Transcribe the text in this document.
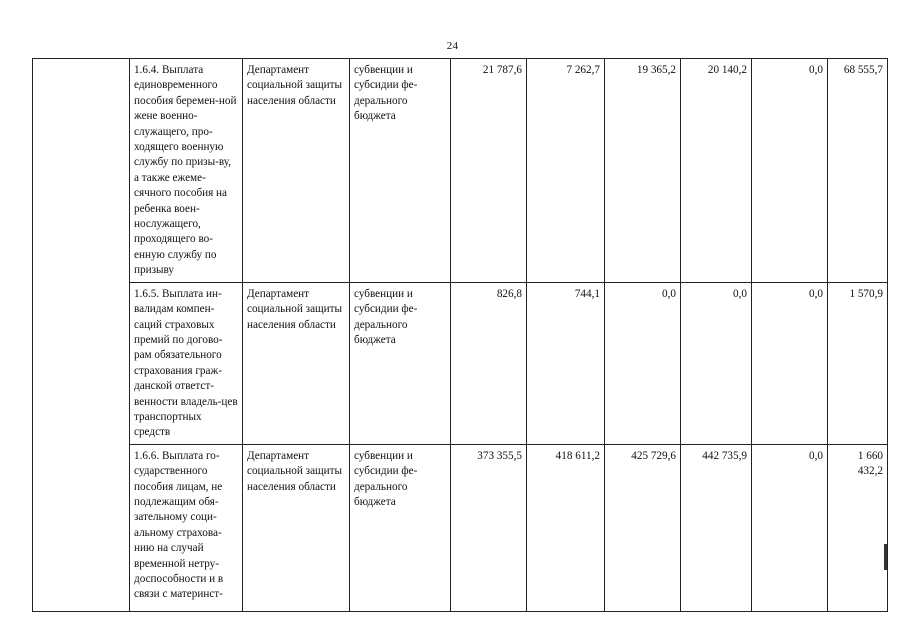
24
	1.6.4. Выплата единовременного пособия беремен-ной жене военно-служащего, про-ходящего военную службу по призы-ву, а также ежеме-сячного пособия на ребенка воен-нослужащего, проходящего во-енную службу по призыву	Департамент социальной защиты населения области	субвенции и субсидии фе-дерального бюджета	21 787,6	7 262,7	19 365,2	20 140,2	0,0	68 555,7
	1.6.5. Выплата ин-валидам компен-саций страховых премий по догово-рам обязательного страхования граж-данской ответст-венности владель-цев транспортных средств	Департамент социальной защиты населения области	субвенции и субсидии фе-дерального бюджета	826,8	744,1	0,0	0,0	0,0	1 570,9
	1.6.6. Выплата го-сударственного пособия лицам, не подлежащим обя-зательному соци-альному страхова-нию на случай временной нетру-доспособности и в связи с материнст-	Департамент социальной защиты населения области	субвенции и субсидии фе-дерального бюджета	373 355,5	418 611,2	425 729,6	442 735,9	0,0	1 660 432,2
